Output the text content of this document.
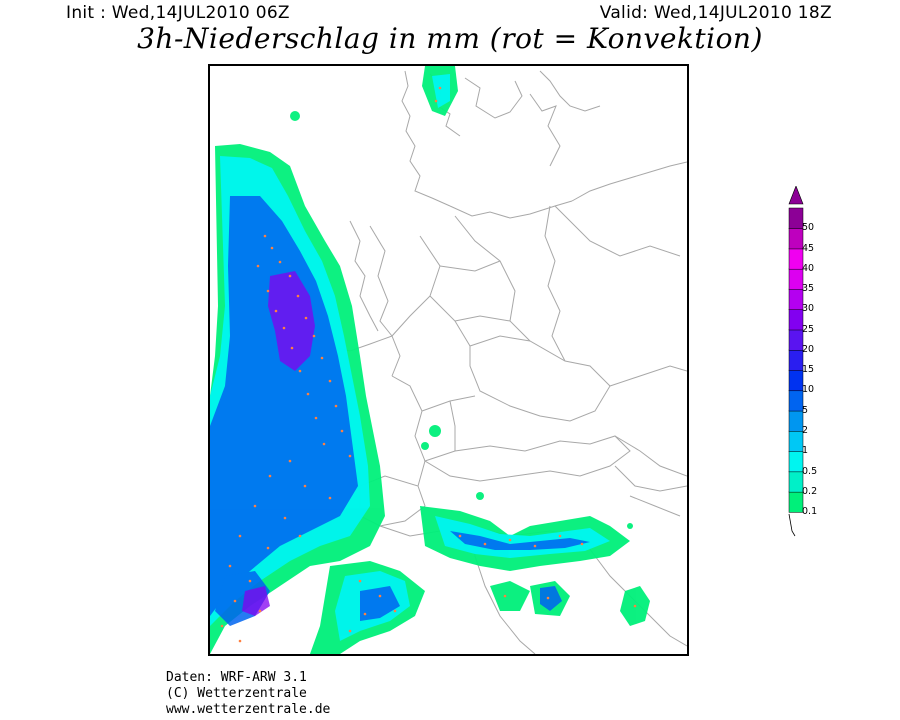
Init : Wed,14JUL2010 06Z	Valid: Wed,14JUL2010 18Z
3h-Niederschlag in mm (rot = Konvektion)
0.1
0.2
0.5
1
2
5
10
15
20
25
30
35
40
45
50
Daten: WRF-ARW 3.1
(C) Wetterzentrale
www.wetterzentrale.de
